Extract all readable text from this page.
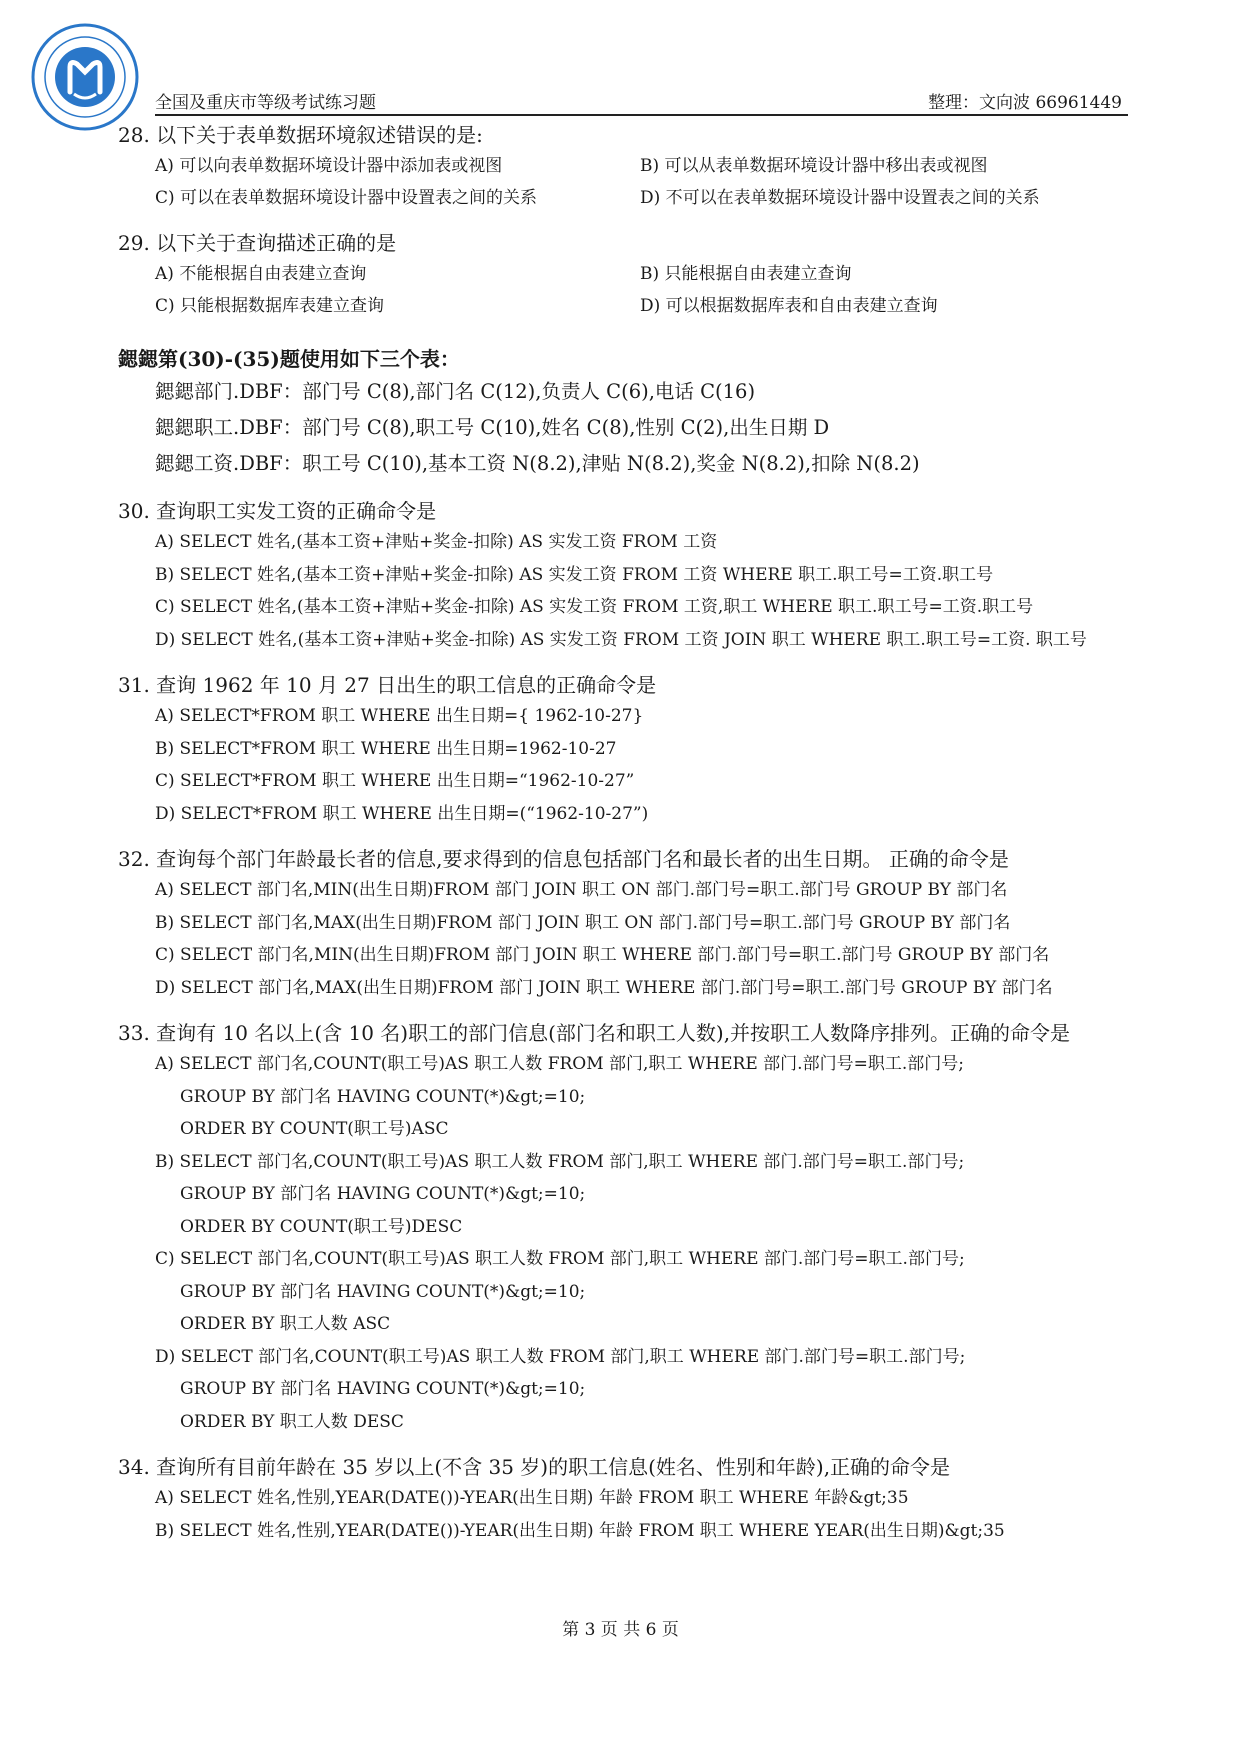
全国及重庆市等级考试练习题	整理：文向波 66961449
28. 以下关于表单数据环境叙述错误的是:
A) 可以向表单数据环境设计器中添加表或视图	B) 可以从表单数据环境设计器中移出表或视图
C) 可以在表单数据环境设计器中设置表之间的关系	D) 不可以在表单数据环境设计器中设置表之间的关系
29. 以下关于查询描述正确的是
A) 不能根据自由表建立查询	B) 只能根据自由表建立查询
C) 只能根据数据库表建立查询	D) 可以根据数据库表和自由表建立查询
鍶鍶第(30)-(35)题使用如下三个表：
鍶鍶部门.DBF：部门号 C(8),部门名 C(12),负责人 C(6),电话 C(16)
鍶鍶职工.DBF：部门号 C(8),职工号 C(10),姓名 C(8),性别 C(2),出生日期 D
鍶鍶工资.DBF：职工号 C(10),基本工资 N(8.2),津贴 N(8.2),奖金 N(8.2),扣除 N(8.2)
30. 查询职工实发工资的正确命令是
A) SELECT 姓名,(基本工资+津贴+奖金-扣除) AS 实发工资 FROM 工资
B) SELECT 姓名,(基本工资+津贴+奖金-扣除) AS 实发工资 FROM 工资 WHERE 职工.职工号=工资.职工号
C) SELECT 姓名,(基本工资+津贴+奖金-扣除) AS 实发工资 FROM 工资,职工 WHERE 职工.职工号=工资.职工号
D) SELECT 姓名,(基本工资+津贴+奖金-扣除) AS 实发工资 FROM 工资 JOIN 职工 WHERE 职工.职工号=工资. 职工号
31. 查询 1962 年 10 月 27 日出生的职工信息的正确命令是
A) SELECT*FROM 职工 WHERE 出生日期={ 1962-10-27}
B) SELECT*FROM 职工 WHERE 出生日期=1962-10-27
C) SELECT*FROM 职工 WHERE 出生日期=“1962-10-27”
D) SELECT*FROM 职工 WHERE 出生日期=(“1962-10-27”)
32. 查询每个部门年龄最长者的信息,要求得到的信息包括部门名和最长者的出生日期。 正确的命令是
A) SELECT 部门名,MIN(出生日期)FROM 部门 JOIN 职工 ON 部门.部门号=职工.部门号 GROUP BY 部门名
B) SELECT 部门名,MAX(出生日期)FROM 部门 JOIN 职工 ON 部门.部门号=职工.部门号 GROUP BY 部门名
C) SELECT 部门名,MIN(出生日期)FROM 部门 JOIN 职工 WHERE 部门.部门号=职工.部门号 GROUP BY 部门名
D) SELECT 部门名,MAX(出生日期)FROM 部门 JOIN 职工 WHERE 部门.部门号=职工.部门号 GROUP BY 部门名
33. 查询有 10 名以上(含 10 名)职工的部门信息(部门名和职工人数),并按职工人数降序排列。正确的命令是
A) SELECT 部门名,COUNT(职工号)AS 职工人数 FROM 部门,职工 WHERE 部门.部门号=职工.部门号;
GROUP BY 部门名 HAVING COUNT(*)&gt;=10;
ORDER BY COUNT(职工号)ASC
B) SELECT 部门名,COUNT(职工号)AS 职工人数 FROM 部门,职工 WHERE 部门.部门号=职工.部门号;
GROUP BY 部门名 HAVING COUNT(*)&gt;=10;
ORDER BY COUNT(职工号)DESC
C) SELECT 部门名,COUNT(职工号)AS 职工人数 FROM 部门,职工 WHERE 部门.部门号=职工.部门号;
GROUP BY 部门名 HAVING COUNT(*)&gt;=10;
ORDER BY 职工人数 ASC
D) SELECT 部门名,COUNT(职工号)AS 职工人数 FROM 部门,职工 WHERE 部门.部门号=职工.部门号;
GROUP BY 部门名 HAVING COUNT(*)&gt;=10;
ORDER BY 职工人数 DESC
34. 查询所有目前年龄在 35 岁以上(不含 35 岁)的职工信息(姓名、性别和年龄),正确的命令是
A) SELECT 姓名,性别,YEAR(DATE())-YEAR(出生日期) 年龄 FROM 职工 WHERE 年龄&gt;35
B) SELECT 姓名,性别,YEAR(DATE())-YEAR(出生日期) 年龄 FROM 职工 WHERE YEAR(出生日期)&gt;35
第 3 页 共 6 页
